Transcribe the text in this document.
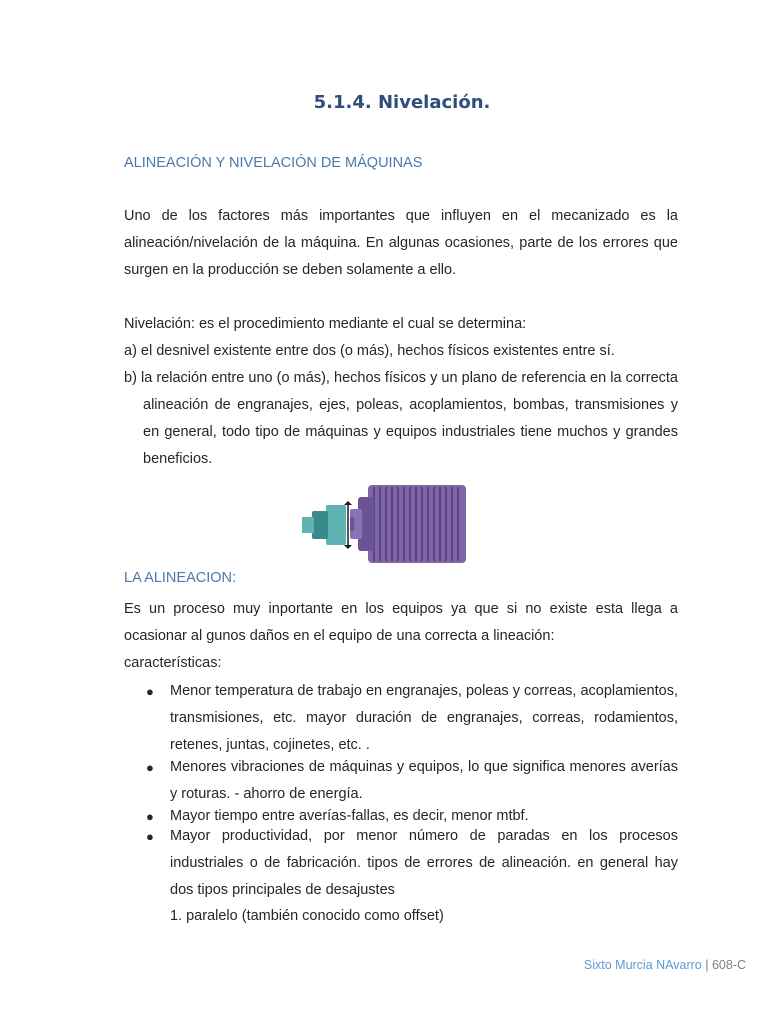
5.1.4. Nivelación.

ALINEACIÓN Y NIVELACIÓN DE MÁQUINAS

Uno de los factores más importantes que influyen en el mecanizado es la alineación/nivelación de la máquina. En algunas ocasiones, parte de los errores que surgen en la producción se deben solamente a ello.

Nivelación: es el procedimiento mediante el cual se determina:

a) el desnivel existente entre dos (o más), hechos físicos existentes entre sí.

b) la relación entre uno (o más), hechos físicos y un plano de referencia en la correcta alineación de engranajes, ejes, poleas, acoplamientos, bombas, transmisiones y en general, todo tipo de máquinas y equipos industriales tiene muchos y grandes beneficios.

LA ALINEACION:

Es un proceso muy inportante en los equipos ya que si no existe esta llega a ocasionar al gunos daños en el equipo de una correcta a lineación:

características:

● Menor temperatura de trabajo en engranajes, poleas y correas, acoplamientos, transmisiones, etc. mayor duración de engranajes, correas, rodamientos, retenes, juntas, cojinetes, etc. .
● Menores vibraciones de máquinas y equipos, lo que significa menores averías y roturas. - ahorro de energía.
● Mayor tiempo entre averías-fallas, es decir, menor mtbf.
● Mayor productividad, por menor número de paradas en los procesos industriales o de fabricación. tipos de errores de alineación. en general hay dos tipos principales de desajustes
1. paralelo (también conocido como offset)
Sixto Murcia NAvarro | 608-C
